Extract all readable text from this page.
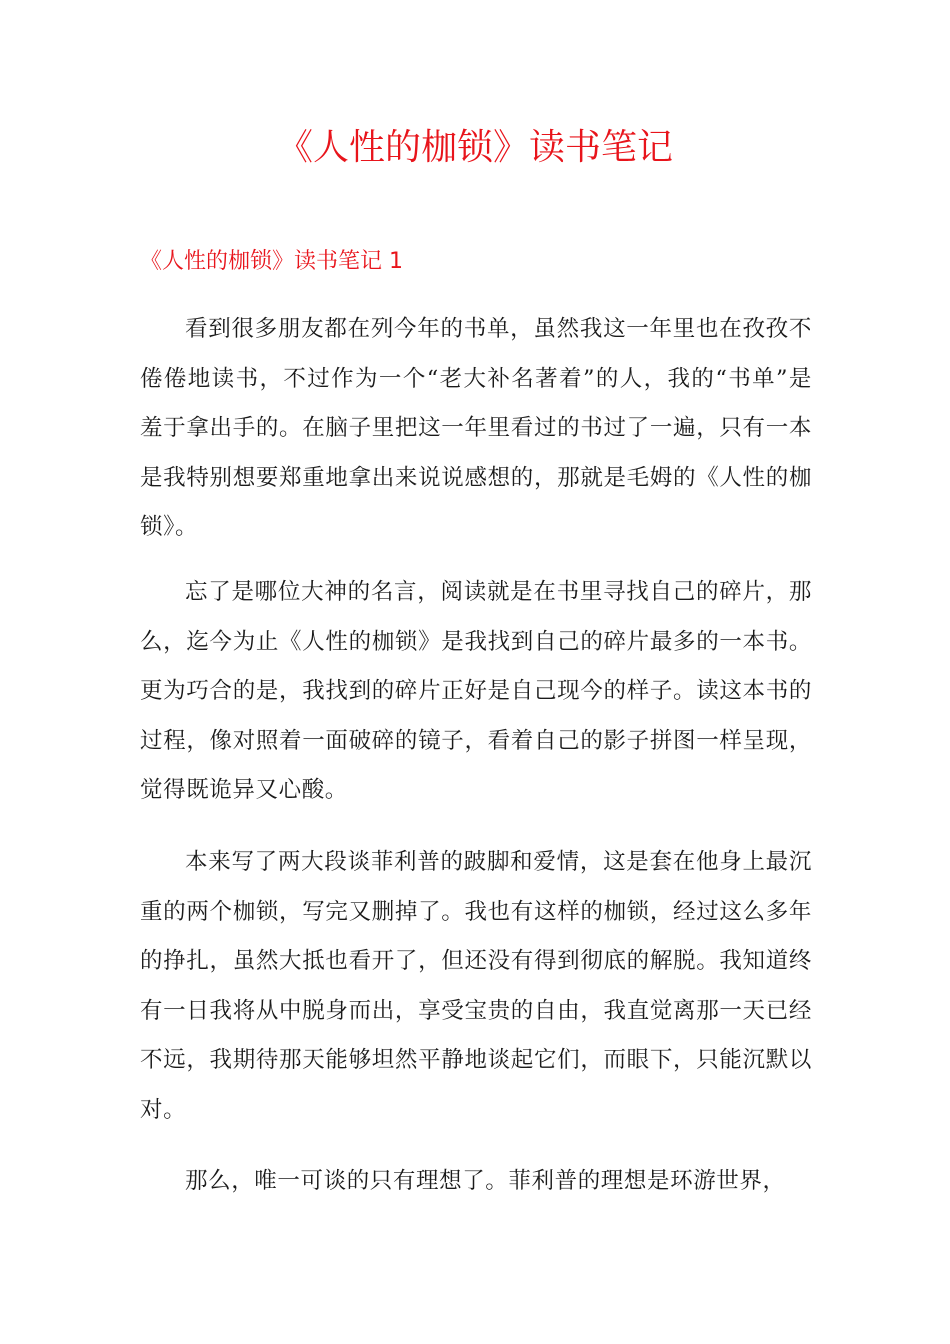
《人性的枷锁》读书笔记
《人性的枷锁》读书笔记 1

看到很多朋友都在列今年的书单，虽然我这一年里也在孜孜不倦倦地读书，不过作为一个“老大补名著着”的人，我的“书单”是羞于拿出手的。在脑子里把这一年里看过的书过了一遍，只有一本是我特别想要郑重地拿出来说说感想的，那就是毛姆的《人性的枷锁》。

忘了是哪位大神的名言，阅读就是在书里寻找自己的碎片，那么，迄今为止《人性的枷锁》是我找到自己的碎片最多的一本书。更为巧合的是，我找到的碎片正好是自己现今的样子。读这本书的过程，像对照着一面破碎的镜子，看着自己的影子拼图一样呈现，觉得既诡异又心酸。

本来写了两大段谈菲利普的跛脚和爱情，这是套在他身上最沉重的两个枷锁，写完又删掉了。我也有这样的枷锁，经过这么多年的挣扎，虽然大抵也看开了，但还没有得到彻底的解脱。我知道终有一日我将从中脱身而出，享受宝贵的自由，我直觉离那一天已经不远，我期待那天能够坦然平静地谈起它们，而眼下，只能沉默以对。

那么，唯一可谈的只有理想了。菲利普的理想是环游世界，
